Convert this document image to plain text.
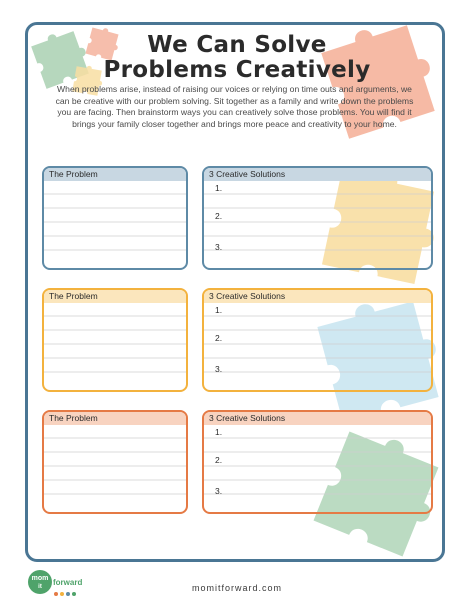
We Can Solve
Problems Creatively
When problems arise, instead of raising our voices or relying on time outs and arguments, we can be creative with our problem solving. Sit together as a family and write down the problems you are facing. Then brainstorm ways you can creatively solve those problems. You will find it brings your family closer together and brings more peace and creativity to your home.
The Problem	3 Creative Solutions
1.
2.
3.
The Problem	3 Creative Solutions
1.
2.
3.
The Problem	3 Creative Solutions
1.
2.
3.
mom
it forward
momitforward.com
